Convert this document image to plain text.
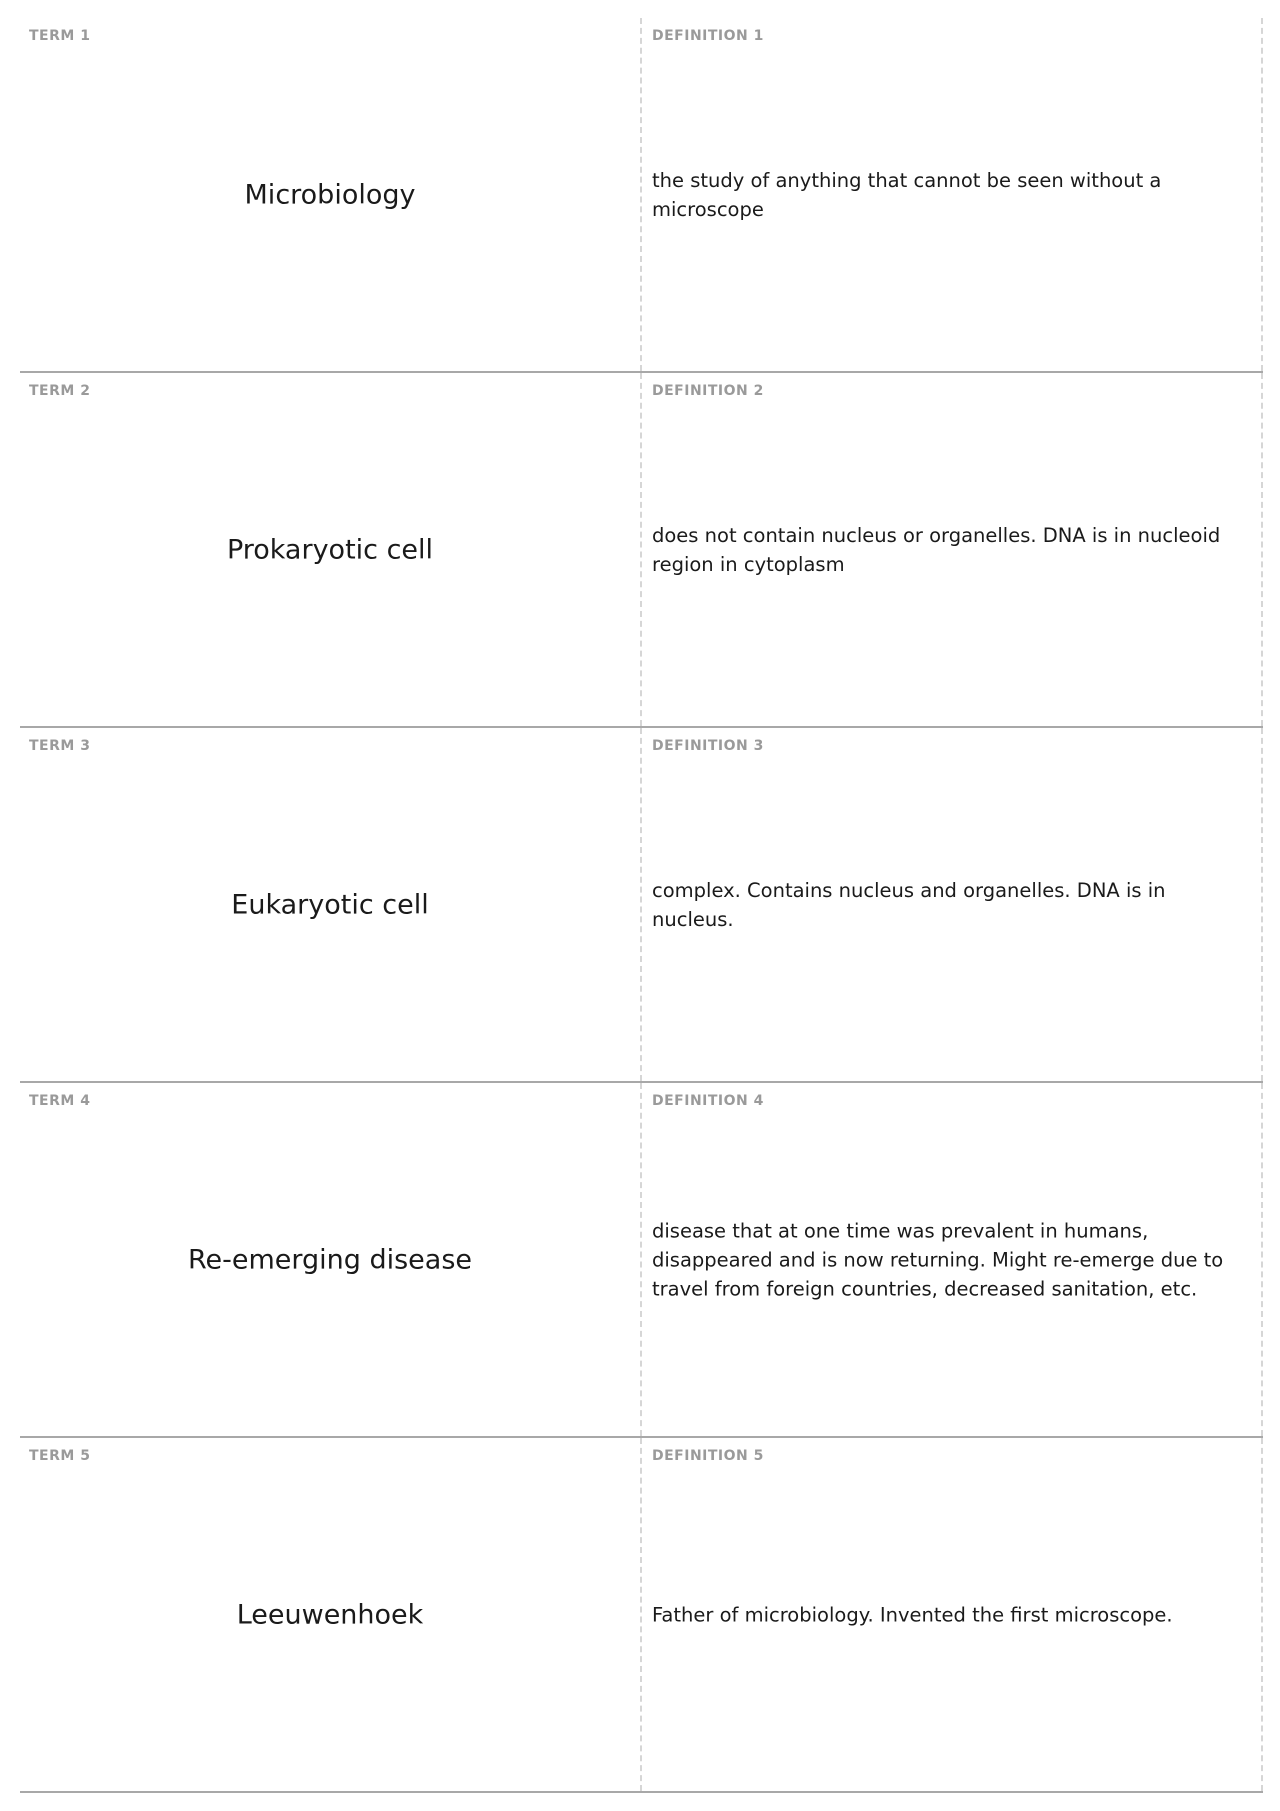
TERM 1
Microbiology
DEFINITION 1
the study of anything that cannot be seen without a microscope
TERM 2
Prokaryotic cell
DEFINITION 2
does not contain nucleus or organelles. DNA is in nucleoid region in cytoplasm
TERM 3
Eukaryotic cell
DEFINITION 3
complex. Contains nucleus and organelles. DNA is in nucleus.
TERM 4
Re-emerging disease
DEFINITION 4
disease that at one time was prevalent in humans, disappeared and is now returning. Might re-emerge due to travel from foreign countries, decreased sanitation, etc.
TERM 5
Leeuwenhoek
DEFINITION 5
Father of microbiology. Invented the first microscope.
